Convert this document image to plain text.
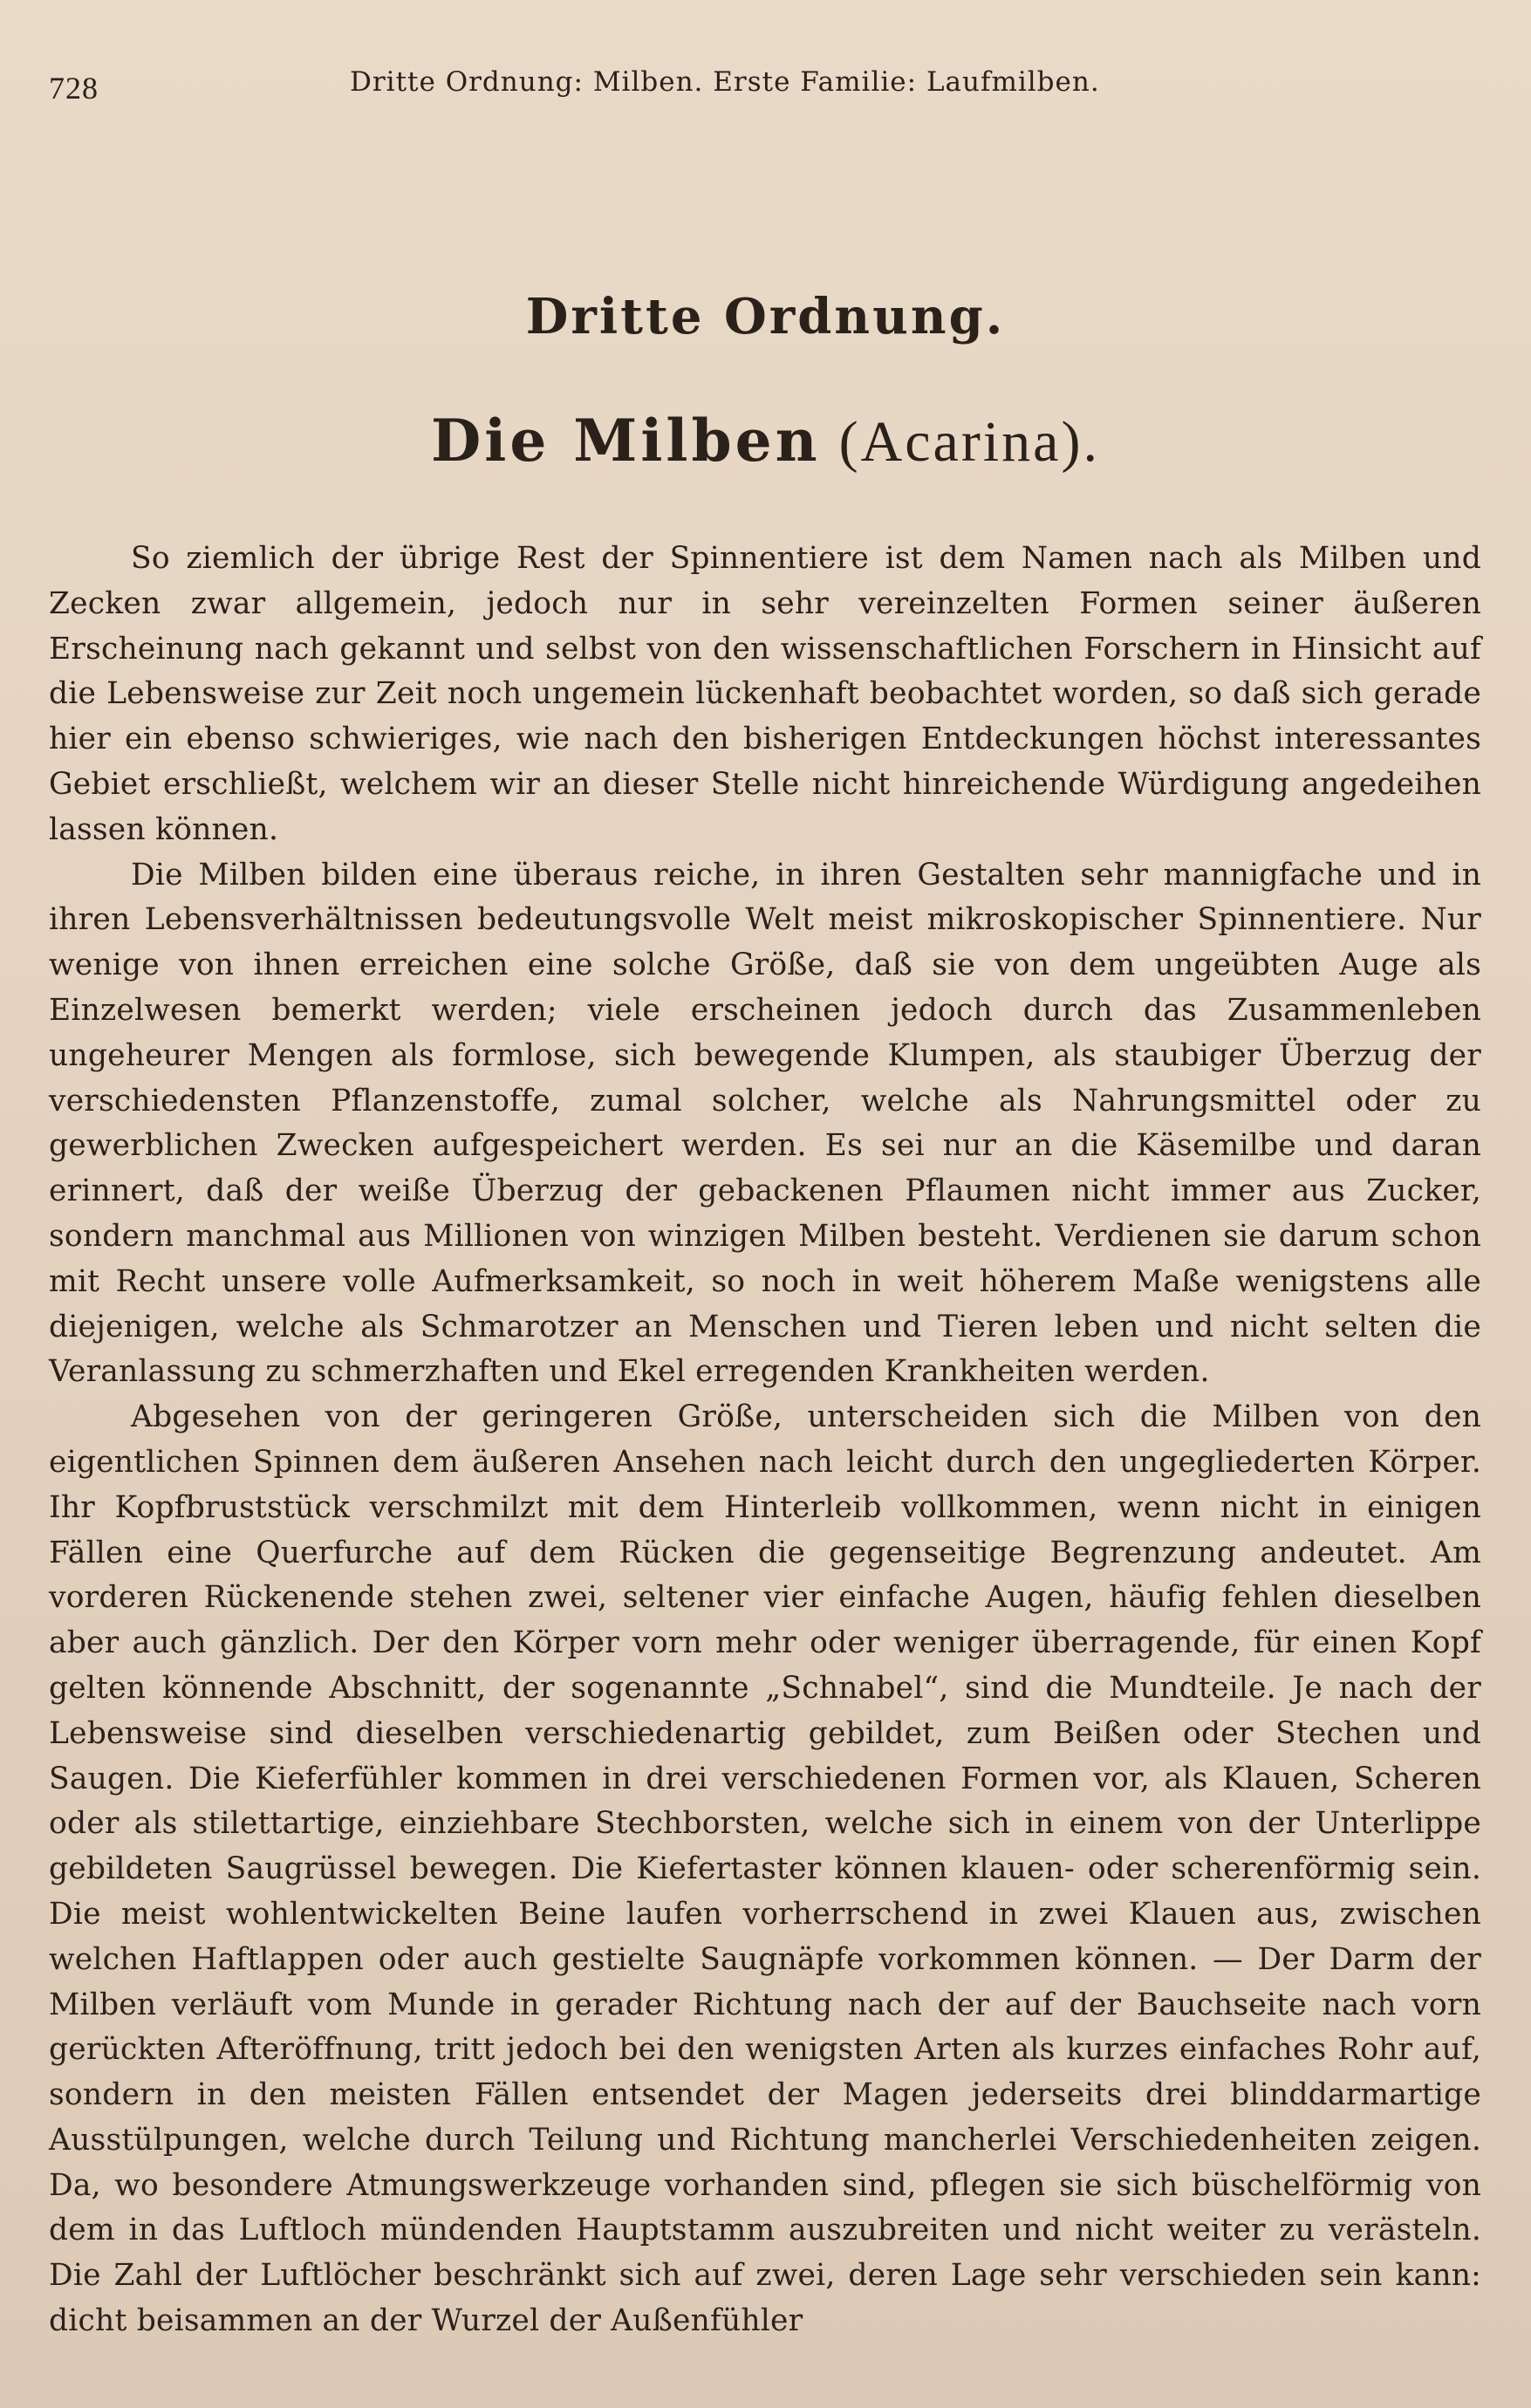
728	Dritte Ordnung: Milben. Erste Familie: Laufmilben.
Dritte Ordnung.
Die Milben (Acarina).

So ziemlich der übrige Rest der Spinnentiere ist dem Namen nach als Milben und Zecken zwar allgemein, jedoch nur in sehr vereinzelten Formen seiner äußeren Erscheinung nach gekannt und selbst von den wissenschaftlichen Forschern in Hinsicht auf die Lebensweise zur Zeit noch ungemein lückenhaft beobachtet worden, so daß sich gerade hier ein ebenso schwieriges, wie nach den bisherigen Entdeckungen höchst interessantes Gebiet erschließt, welchem wir an dieser Stelle nicht hinreichende Würdigung angedeihen lassen können.

Die Milben bilden eine überaus reiche, in ihren Gestalten sehr mannigfache und in ihren Lebensverhältnissen bedeutungsvolle Welt meist mikroskopischer Spinnentiere. Nur wenige von ihnen erreichen eine solche Größe, daß sie von dem ungeübten Auge als Einzelwesen bemerkt werden; viele erscheinen jedoch durch das Zusammenleben ungeheurer Mengen als formlose, sich bewegende Klumpen, als staubiger Überzug der verschiedensten Pflanzenstoffe, zumal solcher, welche als Nahrungsmittel oder zu gewerblichen Zwecken aufgespeichert werden. Es sei nur an die Käsemilbe und daran erinnert, daß der weiße Überzug der gebackenen Pflaumen nicht immer aus Zucker, sondern manchmal aus Millionen von winzigen Milben besteht. Verdienen sie darum schon mit Recht unsere volle Aufmerksamkeit, so noch in weit höherem Maße wenigstens alle diejenigen, welche als Schmarotzer an Menschen und Tieren leben und nicht selten die Veranlassung zu schmerzhaften und Ekel erregenden Krankheiten werden.

Abgesehen von der geringeren Größe, unterscheiden sich die Milben von den eigentlichen Spinnen dem äußeren Ansehen nach leicht durch den ungegliederten Körper. Ihr Kopfbruststück verschmilzt mit dem Hinterleib vollkommen, wenn nicht in einigen Fällen eine Querfurche auf dem Rücken die gegenseitige Begrenzung andeutet. Am vorderen Rückenende stehen zwei, seltener vier einfache Augen, häufig fehlen dieselben aber auch gänzlich. Der den Körper vorn mehr oder weniger überragende, für einen Kopf gelten könnende Abschnitt, der sogenannte „Schnabel“, sind die Mundteile. Je nach der Lebensweise sind dieselben verschiedenartig gebildet, zum Beißen oder Stechen und Saugen. Die Kieferfühler kommen in drei verschiedenen Formen vor, als Klauen, Scheren oder als stilettartige, einziehbare Stechborsten, welche sich in einem von der Unterlippe gebildeten Saugrüssel bewegen. Die Kiefertaster können klauen- oder scherenförmig sein. Die meist wohlentwickelten Beine laufen vorherrschend in zwei Klauen aus, zwischen welchen Haftlappen oder auch gestielte Saugnäpfe vorkommen können. — Der Darm der Milben verläuft vom Munde in gerader Richtung nach der auf der Bauchseite nach vorn gerückten Afteröffnung, tritt jedoch bei den wenigsten Arten als kurzes einfaches Rohr auf, sondern in den meisten Fällen entsendet der Magen jederseits drei blinddarmartige Ausstülpungen, welche durch Teilung und Richtung mancherlei Verschiedenheiten zeigen. Da, wo besondere Atmungswerkzeuge vorhanden sind, pflegen sie sich büschelförmig von dem in das Luftloch mündenden Hauptstamm auszubreiten und nicht weiter zu verästeln. Die Zahl der Luftlöcher beschränkt sich auf zwei, deren Lage sehr verschieden sein kann: dicht beisammen an der Wurzel der Außenfühler
